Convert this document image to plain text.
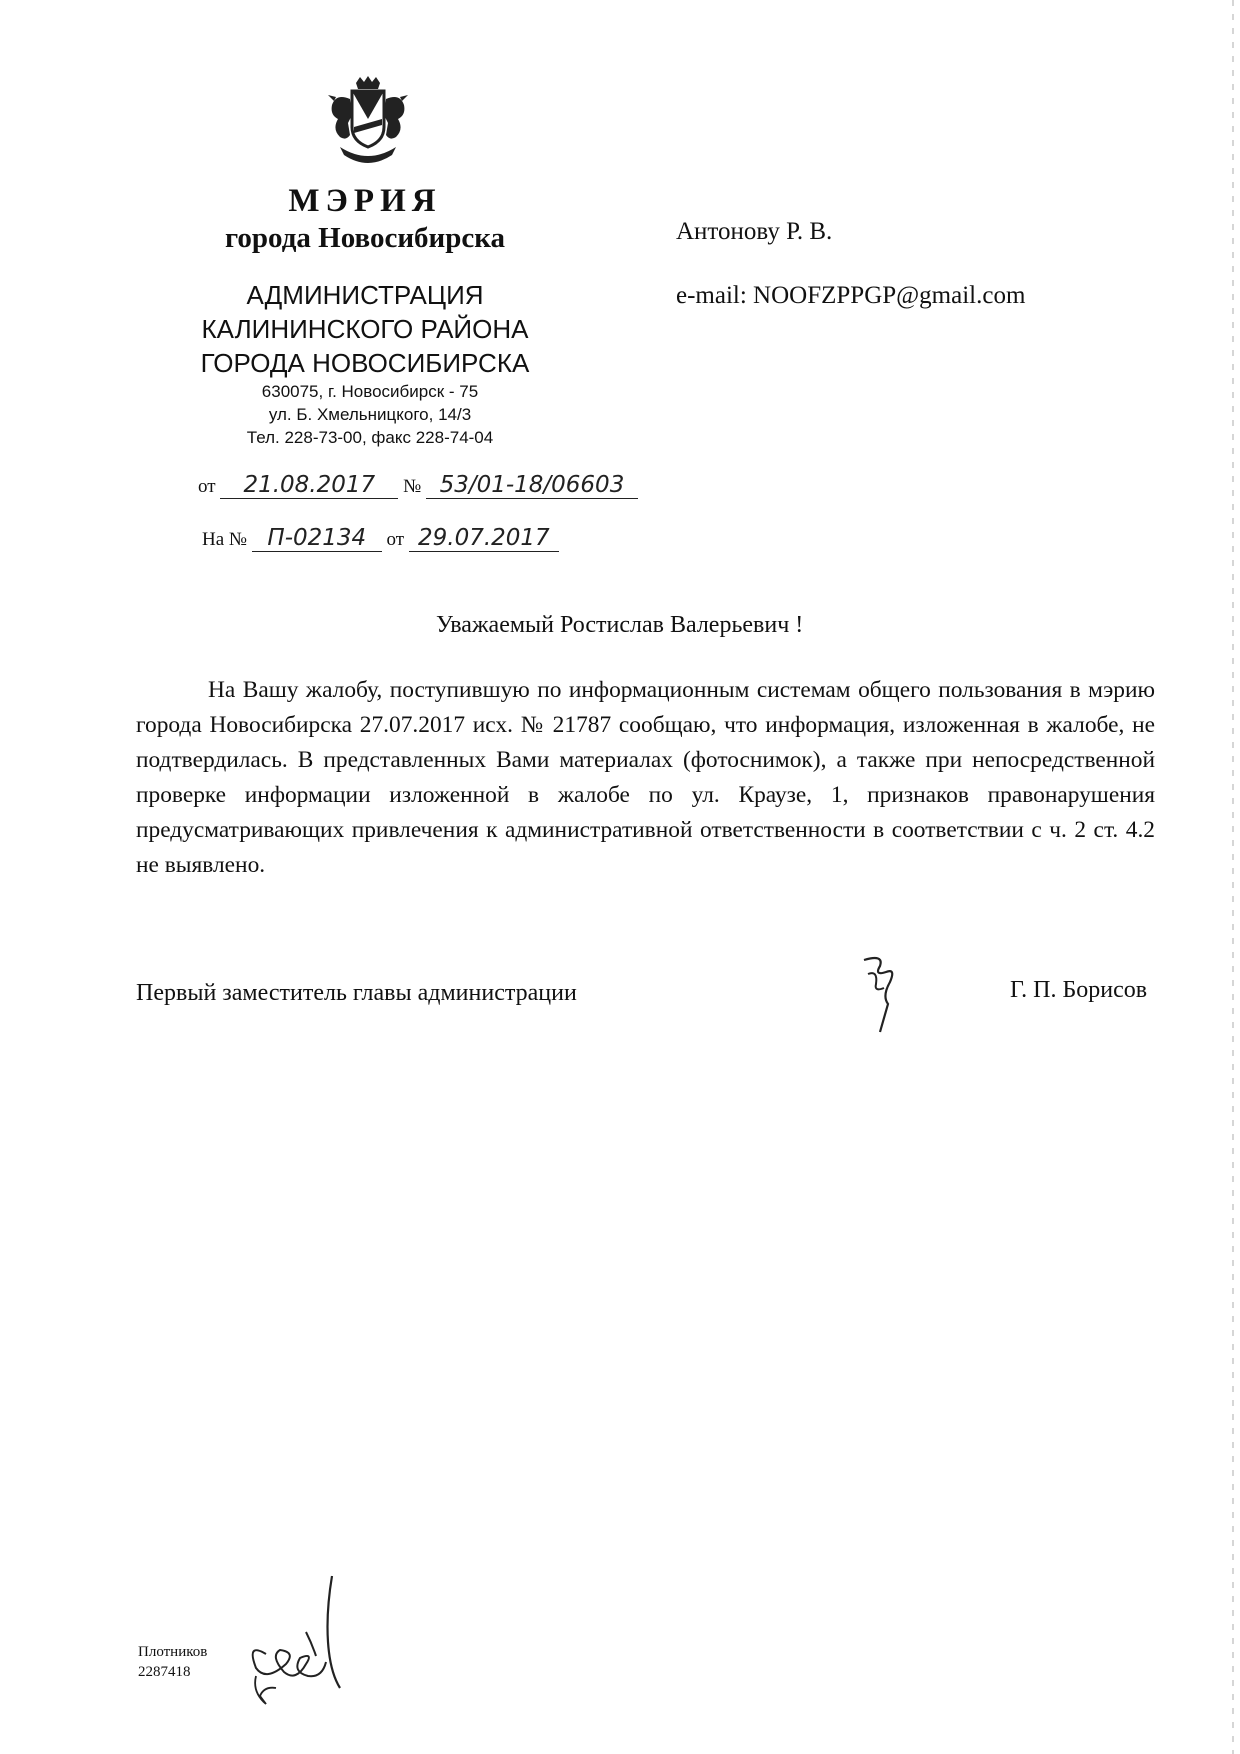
МЭРИЯ
города Новосибирска
АДМИНИСТРАЦИЯ
КАЛИНИНСКОГО РАЙОНА
ГОРОДА НОВОСИБИРСКА
630075, г. Новосибирск - 75
ул. Б. Хмельницкого, 14/3
Тел. 228-73-00, факс 228-74-04
от 21.08.2017 № 53/01-18/06603
На № П-02134 от 29.07.2017
Антонову Р. В.
e-mail: NOOFZPPGP@gmail.com
Уважаемый Ростислав Валерьевич !

На Вашу жалобу, поступившую по информационным системам общего пользования в мэрию города Новосибирска 27.07.2017 исх. № 21787 сообщаю, что информация, изложенная в жалобе, не подтвердилась. В представленных Вами материалах (фотоснимок), а также при непосредственной проверке информации изложенной в жалобе по ул. Краузе, 1, признаков правонарушения предусматривающих привлечения к административной ответственности в соответствии с ч. 2 ст. 4.2 не выявлено.

Первый заместитель главы администрации	Г. П. Борисов
Плотников
2287418
